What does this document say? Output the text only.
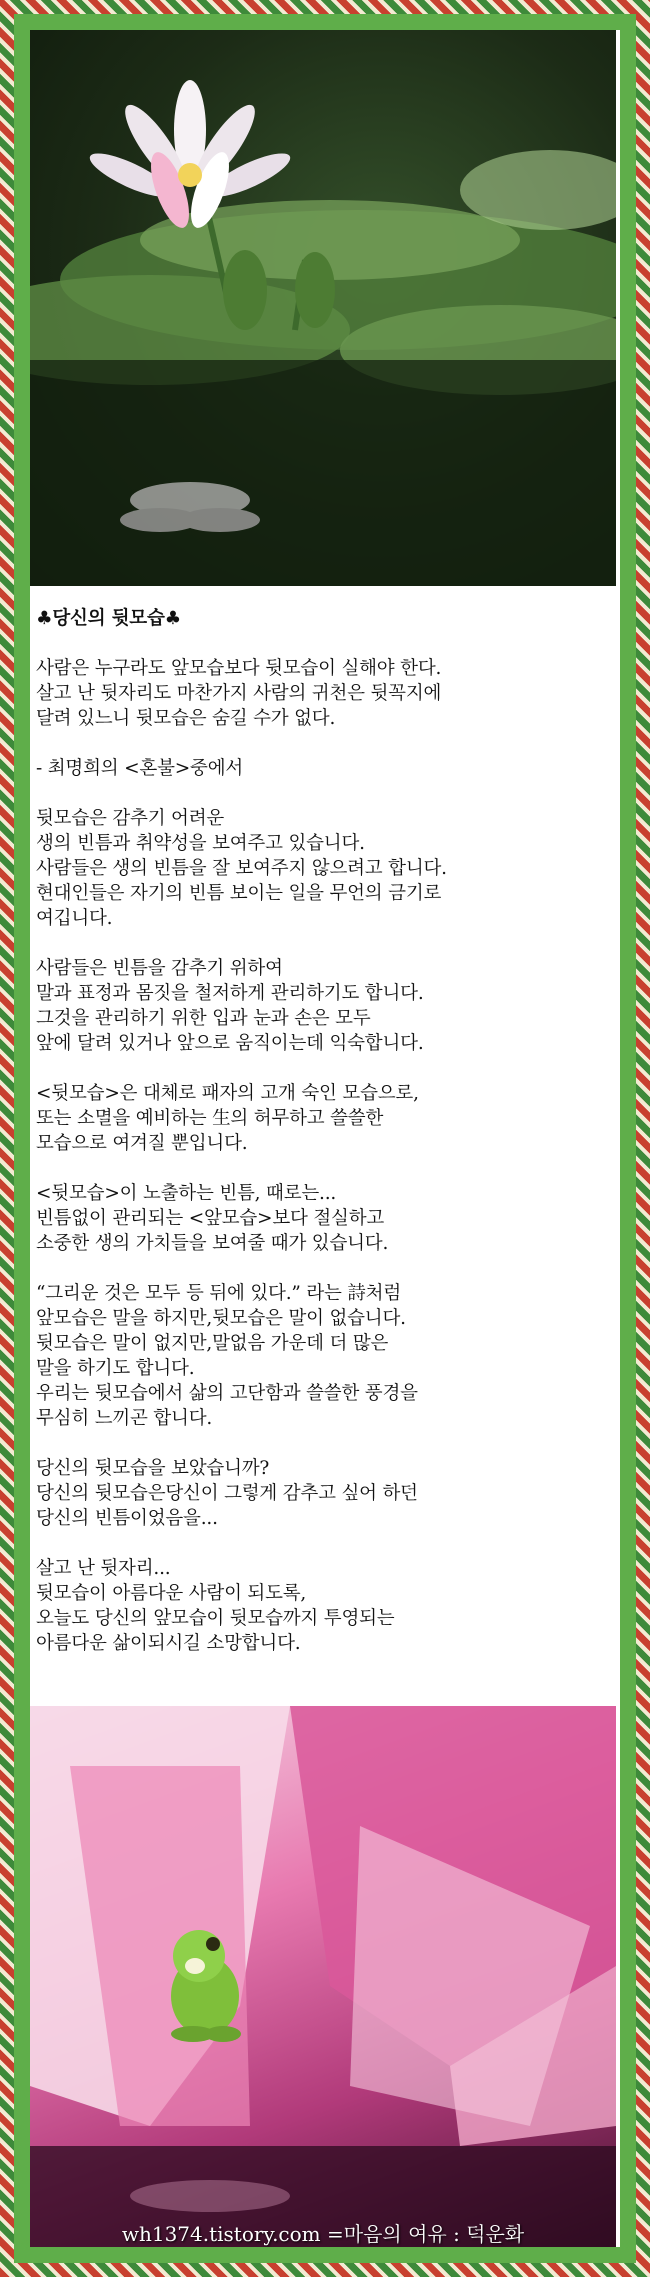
♣당신의 뒷모습♣
사람은 누구라도 앞모습보다 뒷모습이 실해야 한다.
살고 난 뒷자리도 마찬가지 사람의 귀천은 뒷꼭지에
달려 있느니 뒷모습은 숨길 수가 없다.
- 최명희의 <혼불>중에서
뒷모습은 감추기 어려운
생의 빈틈과 취약성을 보여주고 있습니다.
사람들은 생의 빈틈을 잘 보여주지 않으려고 합니다.
현대인들은 자기의 빈틈 보이는 일을 무언의 금기로
여깁니다.
사람들은 빈틈을 감추기 위하여
말과 표정과 몸짓을 철저하게 관리하기도 합니다.
그것을 관리하기 위한 입과 눈과 손은 모두
앞에 달려 있거나 앞으로 움직이는데 익숙합니다.
<뒷모습>은 대체로 패자의 고개 숙인 모습으로,
또는 소멸을 예비하는 生의 허무하고 쓸쓸한
모습으로 여겨질 뿐입니다.
<뒷모습>이 노출하는 빈틈, 때로는...
빈틈없이 관리되는 <앞모습>보다 절실하고
소중한 생의 가치들을 보여줄 때가 있습니다.
“그리운 것은 모두 등 뒤에 있다.” 라는 詩처럼
앞모습은 말을 하지만,뒷모습은 말이 없습니다.
뒷모습은 말이 없지만,말없음 가운데 더 많은
말을 하기도 합니다.
우리는 뒷모습에서 삶의 고단함과 쓸쓸한 풍경을
무심히 느끼곤 합니다.
당신의 뒷모습을 보았습니까?
당신의 뒷모습은당신이 그렇게 감추고 싶어 하던
당신의 빈틈이었음을...
살고 난 뒷자리...
뒷모습이 아름다운 사람이 되도록,
오늘도 당신의 앞모습이 뒷모습까지 투영되는
아름다운 삶이되시길 소망합니다.
wh1374.tistory.com =마음의 여유 : 덕운화
